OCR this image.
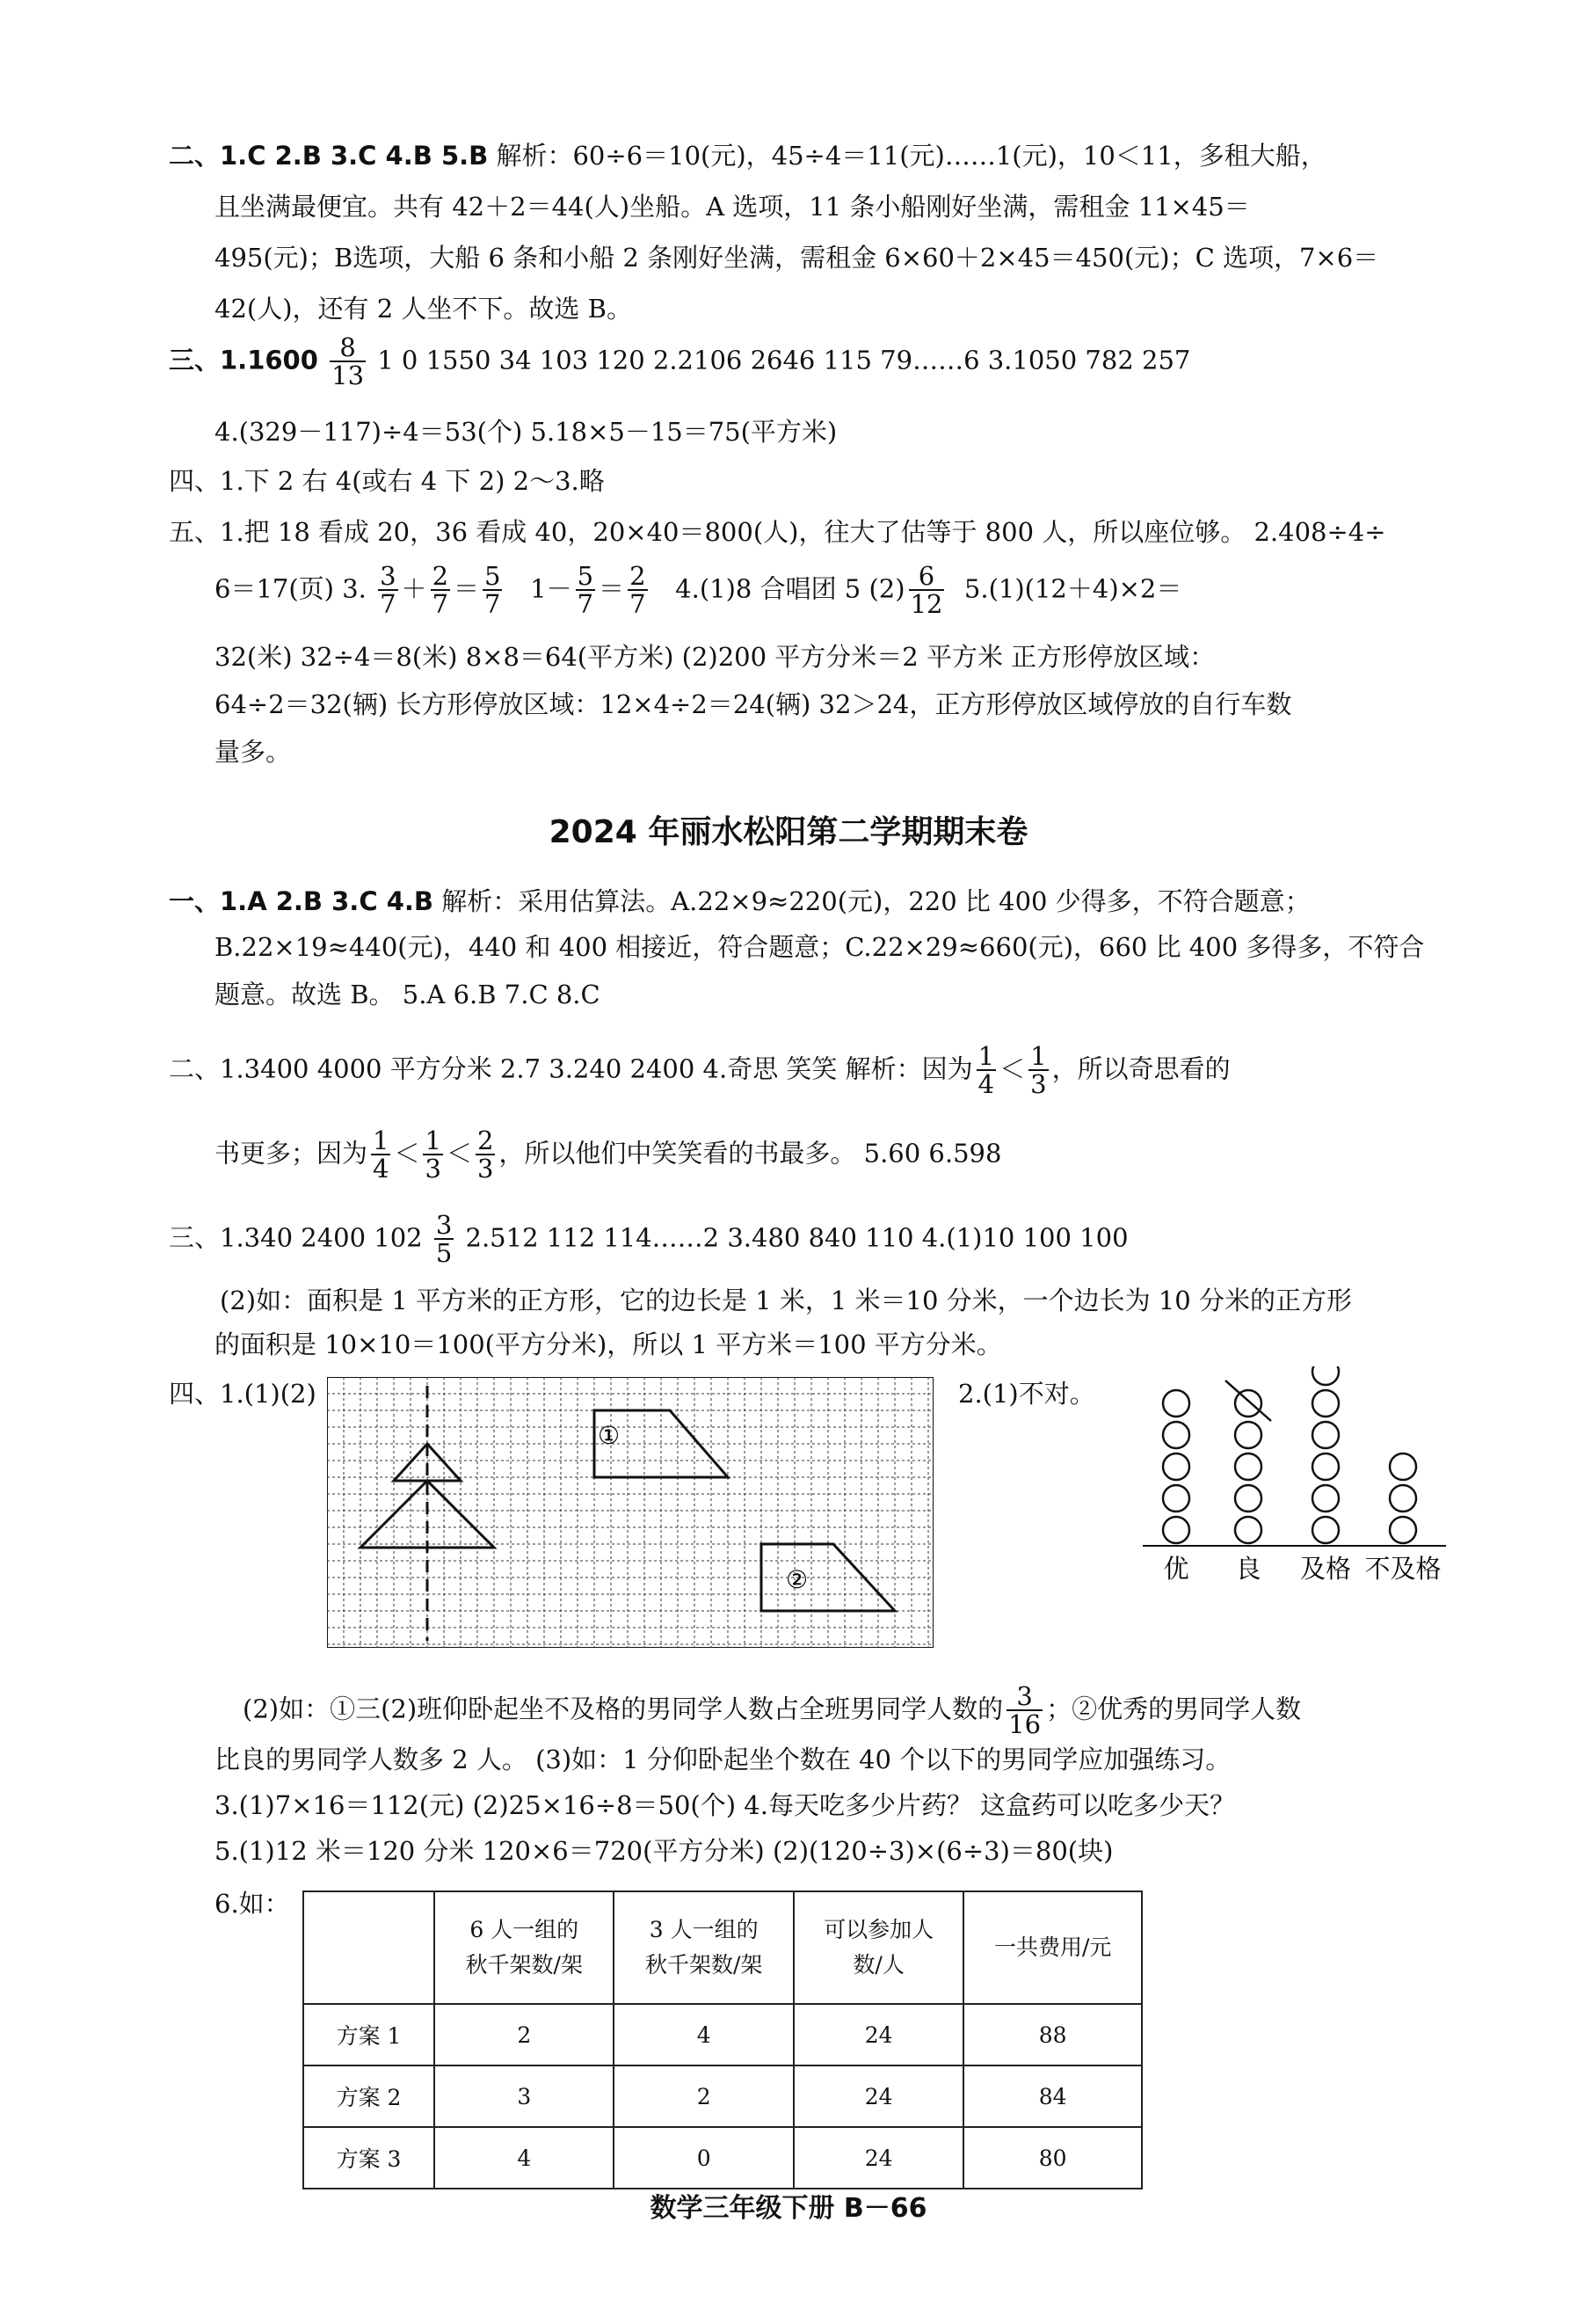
二、1.C 2.B 3.C 4.B 5.B 解析：60÷6＝10(元)，45÷4＝11(元)……1(元)，10＜11，多租大船，
且坐满最便宜。共有 42＋2＝44(人)坐船。A 选项，11 条小船刚好坐满，需租金 11×45＝
495(元)；B选项，大船 6 条和小船 2 条刚好坐满，需租金 6×60＋2×45＝450(元)；C 选项，7×6＝
42(人)，还有 2 人坐不下。故选 B。
三、$1.1600 \frac{8}{13} 1$ 0 1550 34 103 120 2.2106 2646 115 79……6 3.1050 782 257
4.(329－117)÷4＝53(个) 5.18×5－15＝75(平方米)
四、1.下 2 右 4(或右 4 下 2) 2～3.略
五、1.把 18 看成 20，36 看成 40，20×40＝800(人)，往大了估等于 800 人，所以座位够。 2.408÷4÷
6＝17(页) 3. $\frac{3}{7} + \frac{2}{7} = \frac{5}{7} 1- \frac{5}{7} = \frac{2}{7} 4.(1)8$ 合唱团 5 $(2) \frac{6}{12} 5.(1)(12+4)\times 2=$
32(米) 32÷4＝8(米) 8×8＝64(平方米) (2)200 平方分米＝2 平方米 正方形停放区域：
64÷2＝32(辆) 长方形停放区域：12×4÷2＝24(辆) 32＞24，正方形停放区域停放的自行车数
量多。
2024 年丽水松阳第二学期期末卷
一、1.A 2.B 3.C 4.B 解析：采用估算法。A.22×9≈220(元)，220 比 400 少得多，不符合题意；
B.22×19≈440(元)，440 和 400 相接近，符合题意；C.22×29≈660(元)，660 比 400 多得多，不符合
题意。故选 B。 5.A 6.B 7.C 8.C
二、1.3400 4000 平方分米 2.7 3.240 2400 4.奇思 笑笑 解析：因为 $\frac{1}{4} < \frac{1}{3}$ ，所以奇思看的
书更多；因为 $\frac{1}{4} < \frac{1}{3} < \frac{2}{3}$ ，所以他们中笑笑看的书最多。 5.60 6.598
三、1.340 2400 $102 \frac{3}{5} 2.512$ 112 114……2 3.480 840 110 4.(1)10 100 100
(2)如：面积是 1 平方米的正方形，它的边长是 1 米，1 米＝10 分米，一个边长为 10 分米的正方形
的面积是 10×10＝100(平方分米)，所以 1 平方米＝100 平方分米。
四、1.(1)(2)
①
②
2.(1)不对。
优 良 及格 不及格
(2)如：①三(2)班仰卧起坐不及格的男同学人数占全班男同学人数的 $\frac{3}{16}$ ；②优秀的男同学人数
比良的男同学人数多 2 人。 (3)如：1 分仰卧起坐个数在 40 个以下的男同学应加强练习。
3.(1)7×16＝112(元) (2)25×16÷8＝50(个) 4.每天吃多少片药？ 这盒药可以吃多少天？
5.(1)12 米＝120 分米 120×6＝720(平方分米) (2)(120÷3)×(6÷3)＝80(块)
6.如：

	6 人一组的
秋千架数/架	3 人一组的
秋千架数/架	可以参加人
数/人	一共费用/元

方案 1	2	4	24	88
方案 2	3	2	24	84
方案 3	4	0	24	80
数学三年级下册 B－66
